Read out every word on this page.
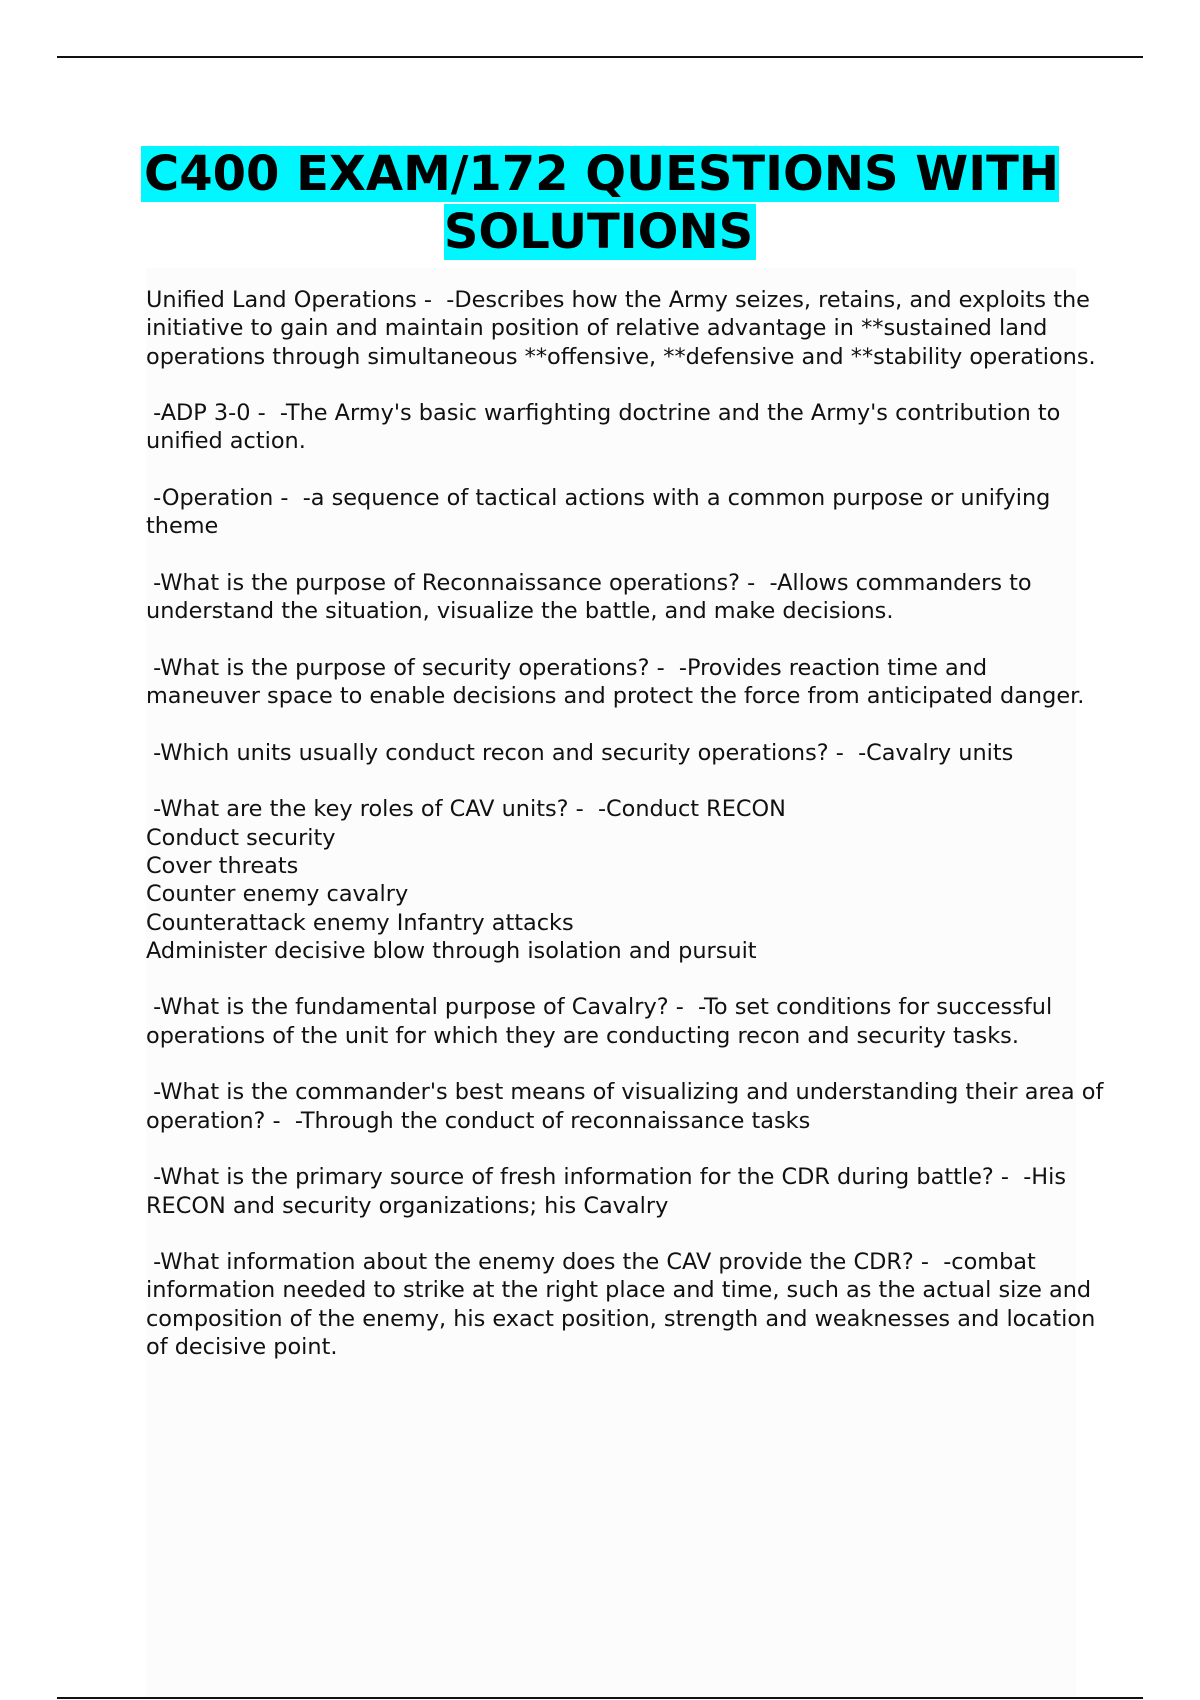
C400 EXAM/172 QUESTIONS WITH SOLUTIONS

Unified Land Operations -  -Describes how the Army seizes, retains, and exploits the initiative to gain and maintain position of relative advantage in **sustained land operations through simultaneous **offensive, **defensive and **stability operations.

-ADP 3-0 -  -The Army's basic warfighting doctrine and the Army's contribution to unified action.

-Operation -  -a sequence of tactical actions with a common purpose or unifying theme

-What is the purpose of Reconnaissance operations? -  -Allows commanders to understand the situation, visualize the battle, and make decisions.

-What is the purpose of security operations? -  -Provides reaction time and maneuver space to enable decisions and protect the force from anticipated danger.

-Which units usually conduct recon and security operations? -  -Cavalry units

-What are the key roles of CAV units? -  -Conduct RECON
Conduct security
Cover threats
Counter enemy cavalry
Counterattack enemy Infantry attacks
Administer decisive blow through isolation and pursuit

-What is the fundamental purpose of Cavalry? -  -To set conditions for successful operations of the unit for which they are conducting recon and security tasks.

-What is the commander's best means of visualizing and understanding their area of operation? -  -Through the conduct of reconnaissance tasks

-What is the primary source of fresh information for the CDR during battle? -  -His RECON and security organizations; his Cavalry

-What information about the enemy does the CAV provide the CDR? -  -combat information needed to strike at the right place and time, such as the actual size and composition of the enemy, his exact position, strength and weaknesses and location of decisive point.
